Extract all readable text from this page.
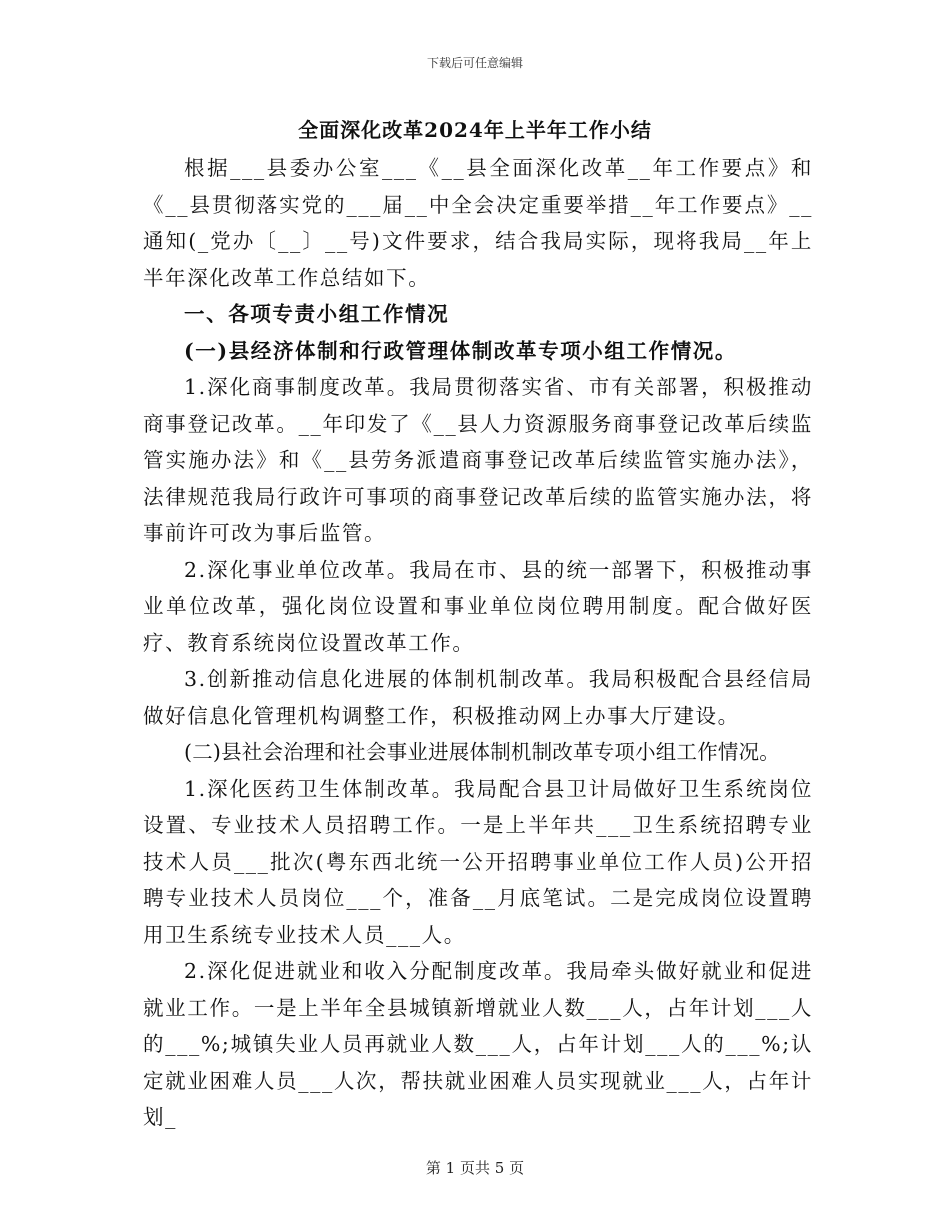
下载后可任意编辑
全面深化改革2024年上半年工作小结

根据___县委办公室___《__县全面深化改革__年工作要点》和《__县贯彻落实党的___届__中全会决定重要举措__年工作要点》__通知(_党办〔__〕__号)文件要求，结合我局实际，现将我局__年上半年深化改革工作总结如下。

一、各项专责小组工作情况

(一)县经济体制和行政管理体制改革专项小组工作情况。

1.深化商事制度改革。我局贯彻落实省、市有关部署，积极推动商事登记改革。__年印发了《__县人力资源服务商事登记改革后续监管实施办法》和《__县劳务派遣商事登记改革后续监管实施办法》，法律规范我局行政许可事项的商事登记改革后续的监管实施办法，将事前许可改为事后监管。

2.深化事业单位改革。我局在市、县的统一部署下，积极推动事业单位改革，强化岗位设置和事业单位岗位聘用制度。配合做好医疗、教育系统岗位设置改革工作。

3.创新推动信息化进展的体制机制改革。我局积极配合县经信局做好信息化管理机构调整工作，积极推动网上办事大厅建设。

(二)县社会治理和社会事业进展体制机制改革专项小组工作情况。

1.深化医药卫生体制改革。我局配合县卫计局做好卫生系统岗位设置、专业技术人员招聘工作。一是上半年共___卫生系统招聘专业技术人员___批次(粤东西北统一公开招聘事业单位工作人员)公开招聘专业技术人员岗位___个，准备__月底笔试。二是完成岗位设置聘用卫生系统专业技术人员___人。

2.深化促进就业和收入分配制度改革。我局牵头做好就业和促进就业工作。一是上半年全县城镇新增就业人数___人，占年计划___人的___%;城镇失业人员再就业人数___人，占年计划___人的___%;认定就业困难人员___人次，帮扶就业困难人员实现就业___人，占年计划_

第 1 页共 5 页
